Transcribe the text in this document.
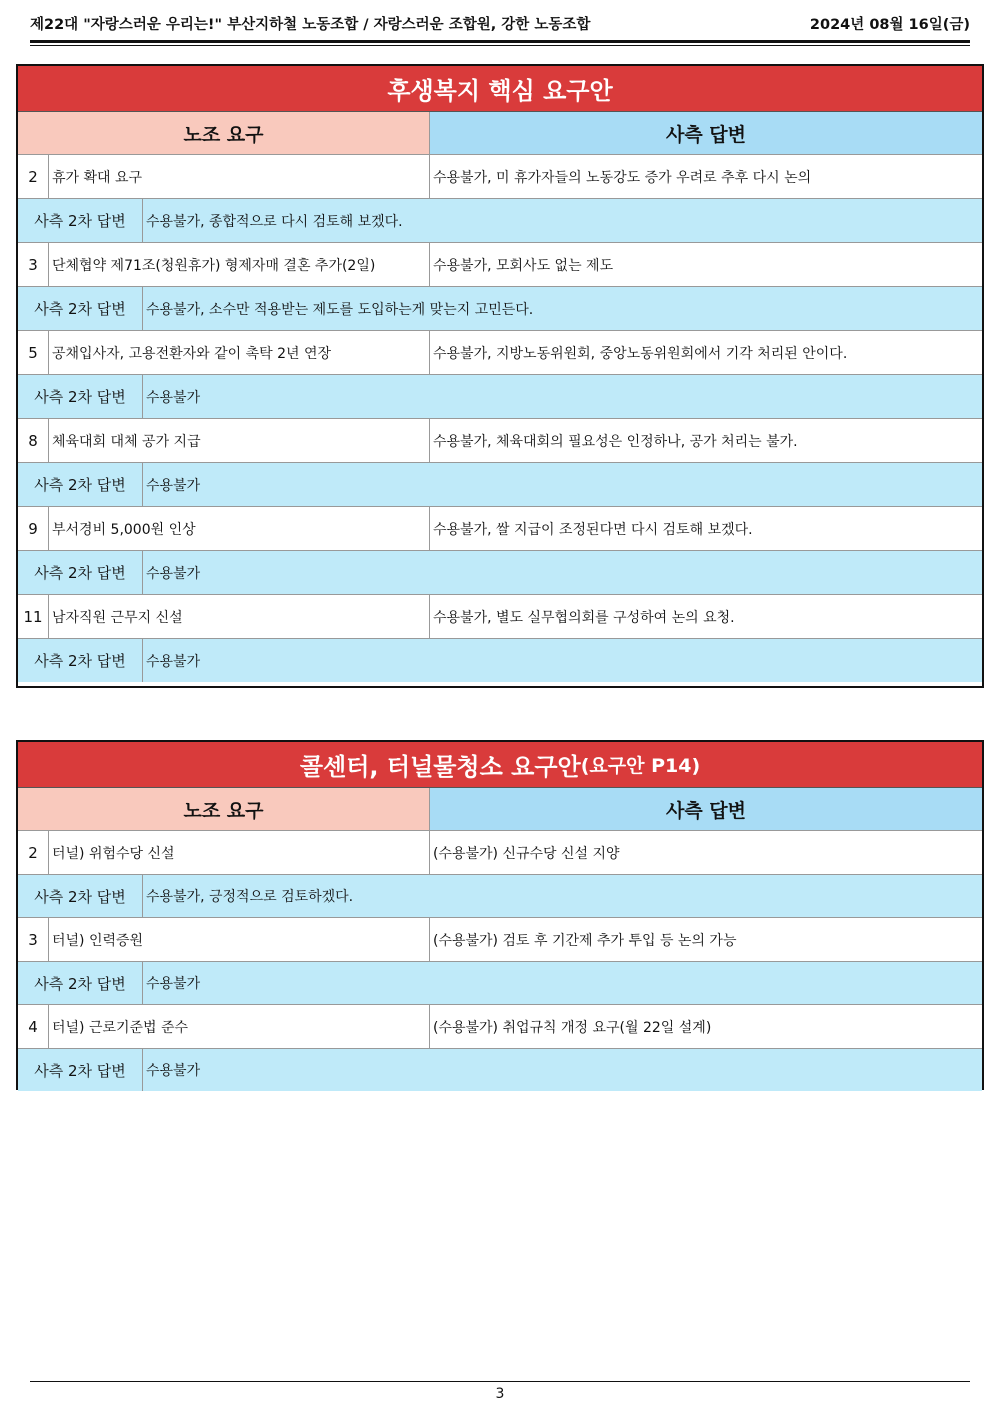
제22대 "자랑스러운 우리는!" 부산지하철 노동조합 / 자랑스러운 조합원, 강한 노동조합	2024년 08월 16일(금)
후생복지 핵심 요구안
노조 요구	사측 답변
2	휴가 확대 요구	수용불가, 미 휴가자들의 노동강도 증가 우려로 추후 다시 논의
사측 2차 답변	수용불가, 종합적으로 다시 검토해 보겠다.
3	단체협약 제71조(청원휴가) 형제자매 결혼 추가(2일)	수용불가, 모회사도 없는 제도
사측 2차 답변	수용불가, 소수만 적용받는 제도를 도입하는게 맞는지 고민든다.
5	공채입사자, 고용전환자와 같이 촉탁 2년 연장	수용불가, 지방노동위원회, 중앙노동위원회에서 기각 처리된 안이다.
사측 2차 답변	수용불가
8	체육대회 대체 공가 지급	수용불가, 체육대회의 필요성은 인정하나, 공가 처리는 불가.
사측 2차 답변	수용불가
9	부서경비 5,000원 인상	수용불가, 쌀 지급이 조정된다면 다시 검토해 보겠다.
사측 2차 답변	수용불가
11 남자직원 근무지 신설	수용불가, 별도 실무협의회를 구성하여 논의 요청.
사측 2차 답변	수용불가
콜센터, 터널물청소 요구안 (요구안 P14)
노조 요구	사측 답변
2	터널) 위험수당 신설	(수용불가) 신규수당 신설 지양
사측 2차 답변	수용불가, 긍정적으로 검토하겠다.
3	터널) 인력증원	(수용불가) 검토 후 기간제 추가 투입 등 논의 가능
사측 2차 답변	수용불가
4	터널) 근로기준법 준수	(수용불가) 취업규칙 개정 요구(월 22일 설계)
사측 2차 답변	수용불가
3
